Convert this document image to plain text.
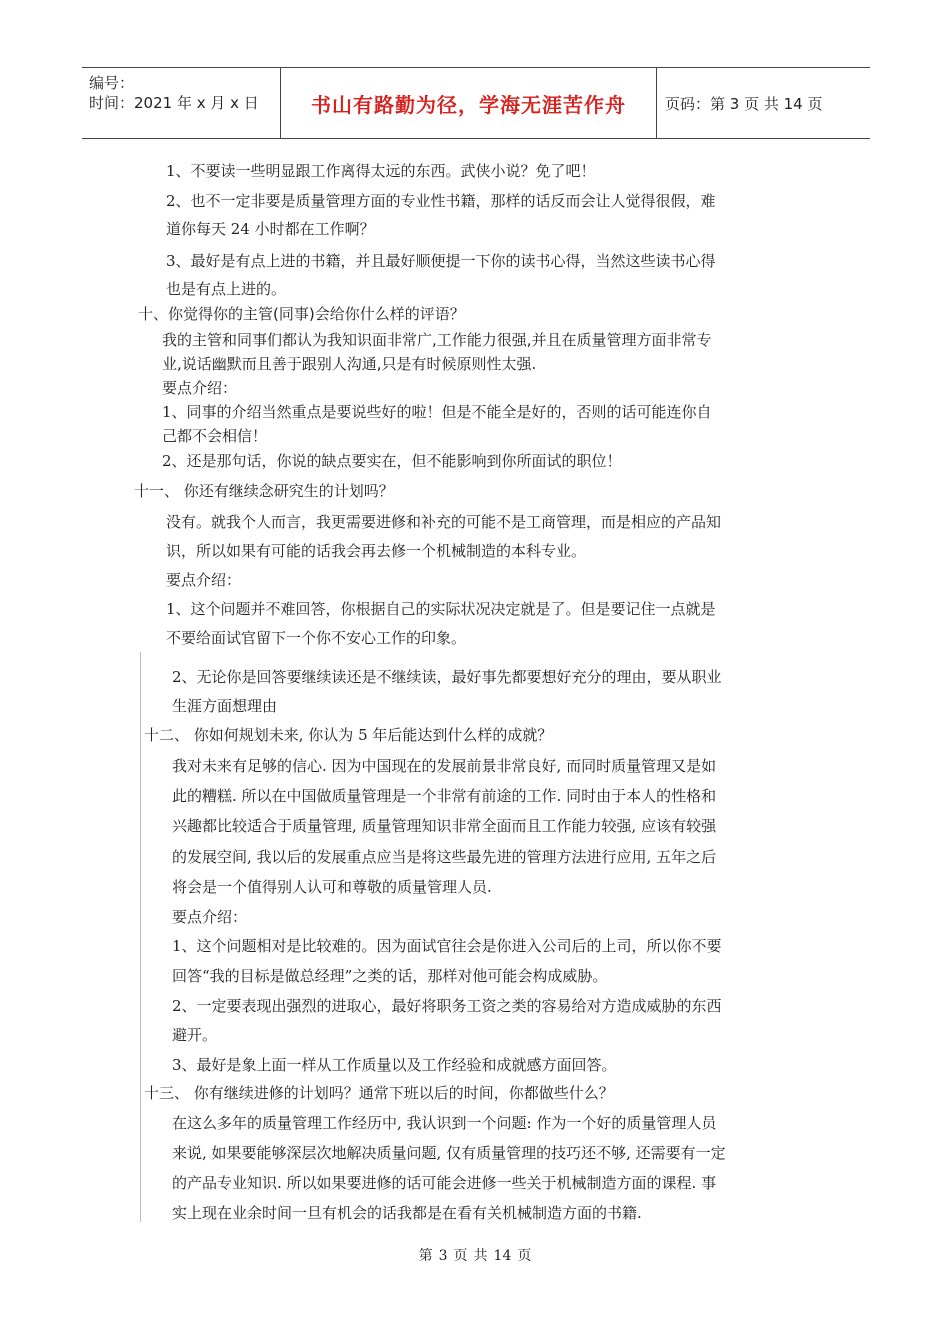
编号：
时间：2021 年 x 月 x 日	书山有路勤为径，学海无涯苦作舟	页码：第 3 页 共 14 页
1、不要读一些明显跟工作离得太远的东西。武侠小说？免了吧！
2、也不一定非要是质量管理方面的专业性书籍，那样的话反而会让人觉得很假，难
道你每天 24 小时都在工作啊？
3、最好是有点上进的书籍，并且最好顺便提一下你的读书心得，当然这些读书心得
也是有点上进的。
十、你觉得你的主管(同事)会给你什么样的评语？
我的主管和同事们都认为我知识面非常广,工作能力很强,并且在质量管理方面非常专
业,说话幽默而且善于跟别人沟通,只是有时候原则性太强.
要点介绍：
1、同事的介绍当然重点是要说些好的啦！但是不能全是好的，否则的话可能连你自
己都不会相信！
2、还是那句话，你说的缺点要实在，但不能影响到你所面试的职位！
十一、 你还有继续念研究生的计划吗？
没有。就我个人而言，我更需要进修和补充的可能不是工商管理，而是相应的产品知
识，所以如果有可能的话我会再去修一个机械制造的本科专业。
要点介绍：
1、这个问题并不难回答，你根据自己的实际状况决定就是了。但是要记住一点就是
不要给面试官留下一个你不安心工作的印象。
2、无论你是回答要继续读还是不继续读，最好事先都要想好充分的理由，要从职业
生涯方面想理由
十二、 你如何规划未来, 你认为 5 年后能达到什么样的成就？
我对未来有足够的信心. 因为中国现在的发展前景非常良好, 而同时质量管理又是如
此的糟糕. 所以在中国做质量管理是一个非常有前途的工作. 同时由于本人的性格和
兴趣都比较适合于质量管理, 质量管理知识非常全面而且工作能力较强, 应该有较强
的发展空间, 我以后的发展重点应当是将这些最先进的管理方法进行应用, 五年之后
将会是一个值得别人认可和尊敬的质量管理人员.
要点介绍：
1、这个问题相对是比较难的。因为面试官往会是你进入公司后的上司，所以你不要
回答“我的目标是做总经理”之类的话，那样对他可能会构成威胁。
2、一定要表现出强烈的进取心，最好将职务工资之类的容易给对方造成威胁的东西
避开。
3、最好是象上面一样从工作质量以及工作经验和成就感方面回答。
十三、 你有继续进修的计划吗？通常下班以后的时间，你都做些什么？
在这么多年的质量管理工作经历中, 我认识到一个问题: 作为一个好的质量管理人员
来说, 如果要能够深层次地解决质量问题, 仅有质量管理的技巧还不够, 还需要有一定
的产品专业知识. 所以如果要进修的话可能会进修一些关于机械制造方面的课程. 事
实上现在业余时间一旦有机会的话我都是在看有关机械制造方面的书籍.
第 3 页 共 14 页
